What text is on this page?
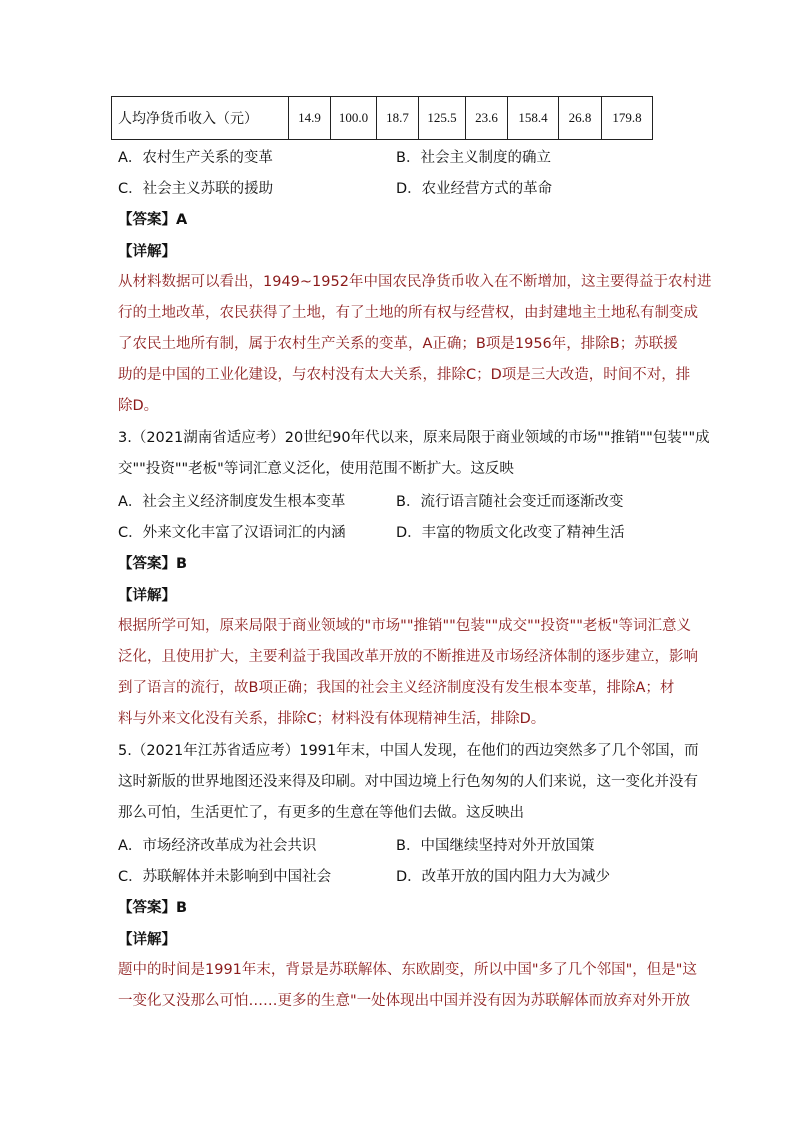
人均净货币收入（元）	14.9	100.0	18.7	125.5	23.6	158.4	26.8	179.8
A．农村生产关系的变革	B．社会主义制度的确立
C．社会主义苏联的援助	D．农业经营方式的革命
【答案】A
【详解】
从材料数据可以看出，1949~1952年中国农民净货币收入在不断增加，这主要得益于农村进
行的土地改革，农民获得了土地，有了土地的所有权与经营权，由封建地主土地私有制变成
了农民土地所有制，属于农村生产关系的变革，A正确；B项是1956年，排除B；苏联援
助的是中国的工业化建设，与农村没有太大关系，排除C；D项是三大改造，时间不对，排
除D。
3.（2021湖南省适应考）20世纪90年代以来，原来局限于商业领域的市场""推销""包装""成
交""投资""老板"等词汇意义泛化，使用范围不断扩大。这反映
A．社会主义经济制度发生根本变革	B．流行语言随社会变迁而逐渐改变
C．外来文化丰富了汉语词汇的内涵	D．丰富的物质文化改变了精神生活
【答案】B
【详解】
根据所学可知，原来局限于商业领域的"市场""推销""包装""成交""投资""老板"等词汇意义
泛化，且使用扩大，主要利益于我国改革开放的不断推进及市场经济体制的逐步建立，影响
到了语言的流行，故B项正确；我国的社会主义经济制度没有发生根本变革，排除A；材
料与外来文化没有关系，排除C；材料没有体现精神生活，排除D。
5.（2021年江苏省适应考）1991年末，中国人发现，在他们的西边突然多了几个邻国，而
这时新版的世界地图还没来得及印刷。对中国边境上行色匆匆的人们来说，这一变化并没有
那么可怕，生活更忙了，有更多的生意在等他们去做。这反映出
A．市场经济改革成为社会共识	B．中国继续坚持对外开放国策
C．苏联解体并未影响到中国社会	D．改革开放的国内阻力大为减少
【答案】B
【详解】
题中的时间是1991年末，背景是苏联解体、东欧剧变，所以中国"多了几个邻国"，但是"这
一变化又没那么可怕……更多的生意"一处体现出中国并没有因为苏联解体而放弃对外开放
